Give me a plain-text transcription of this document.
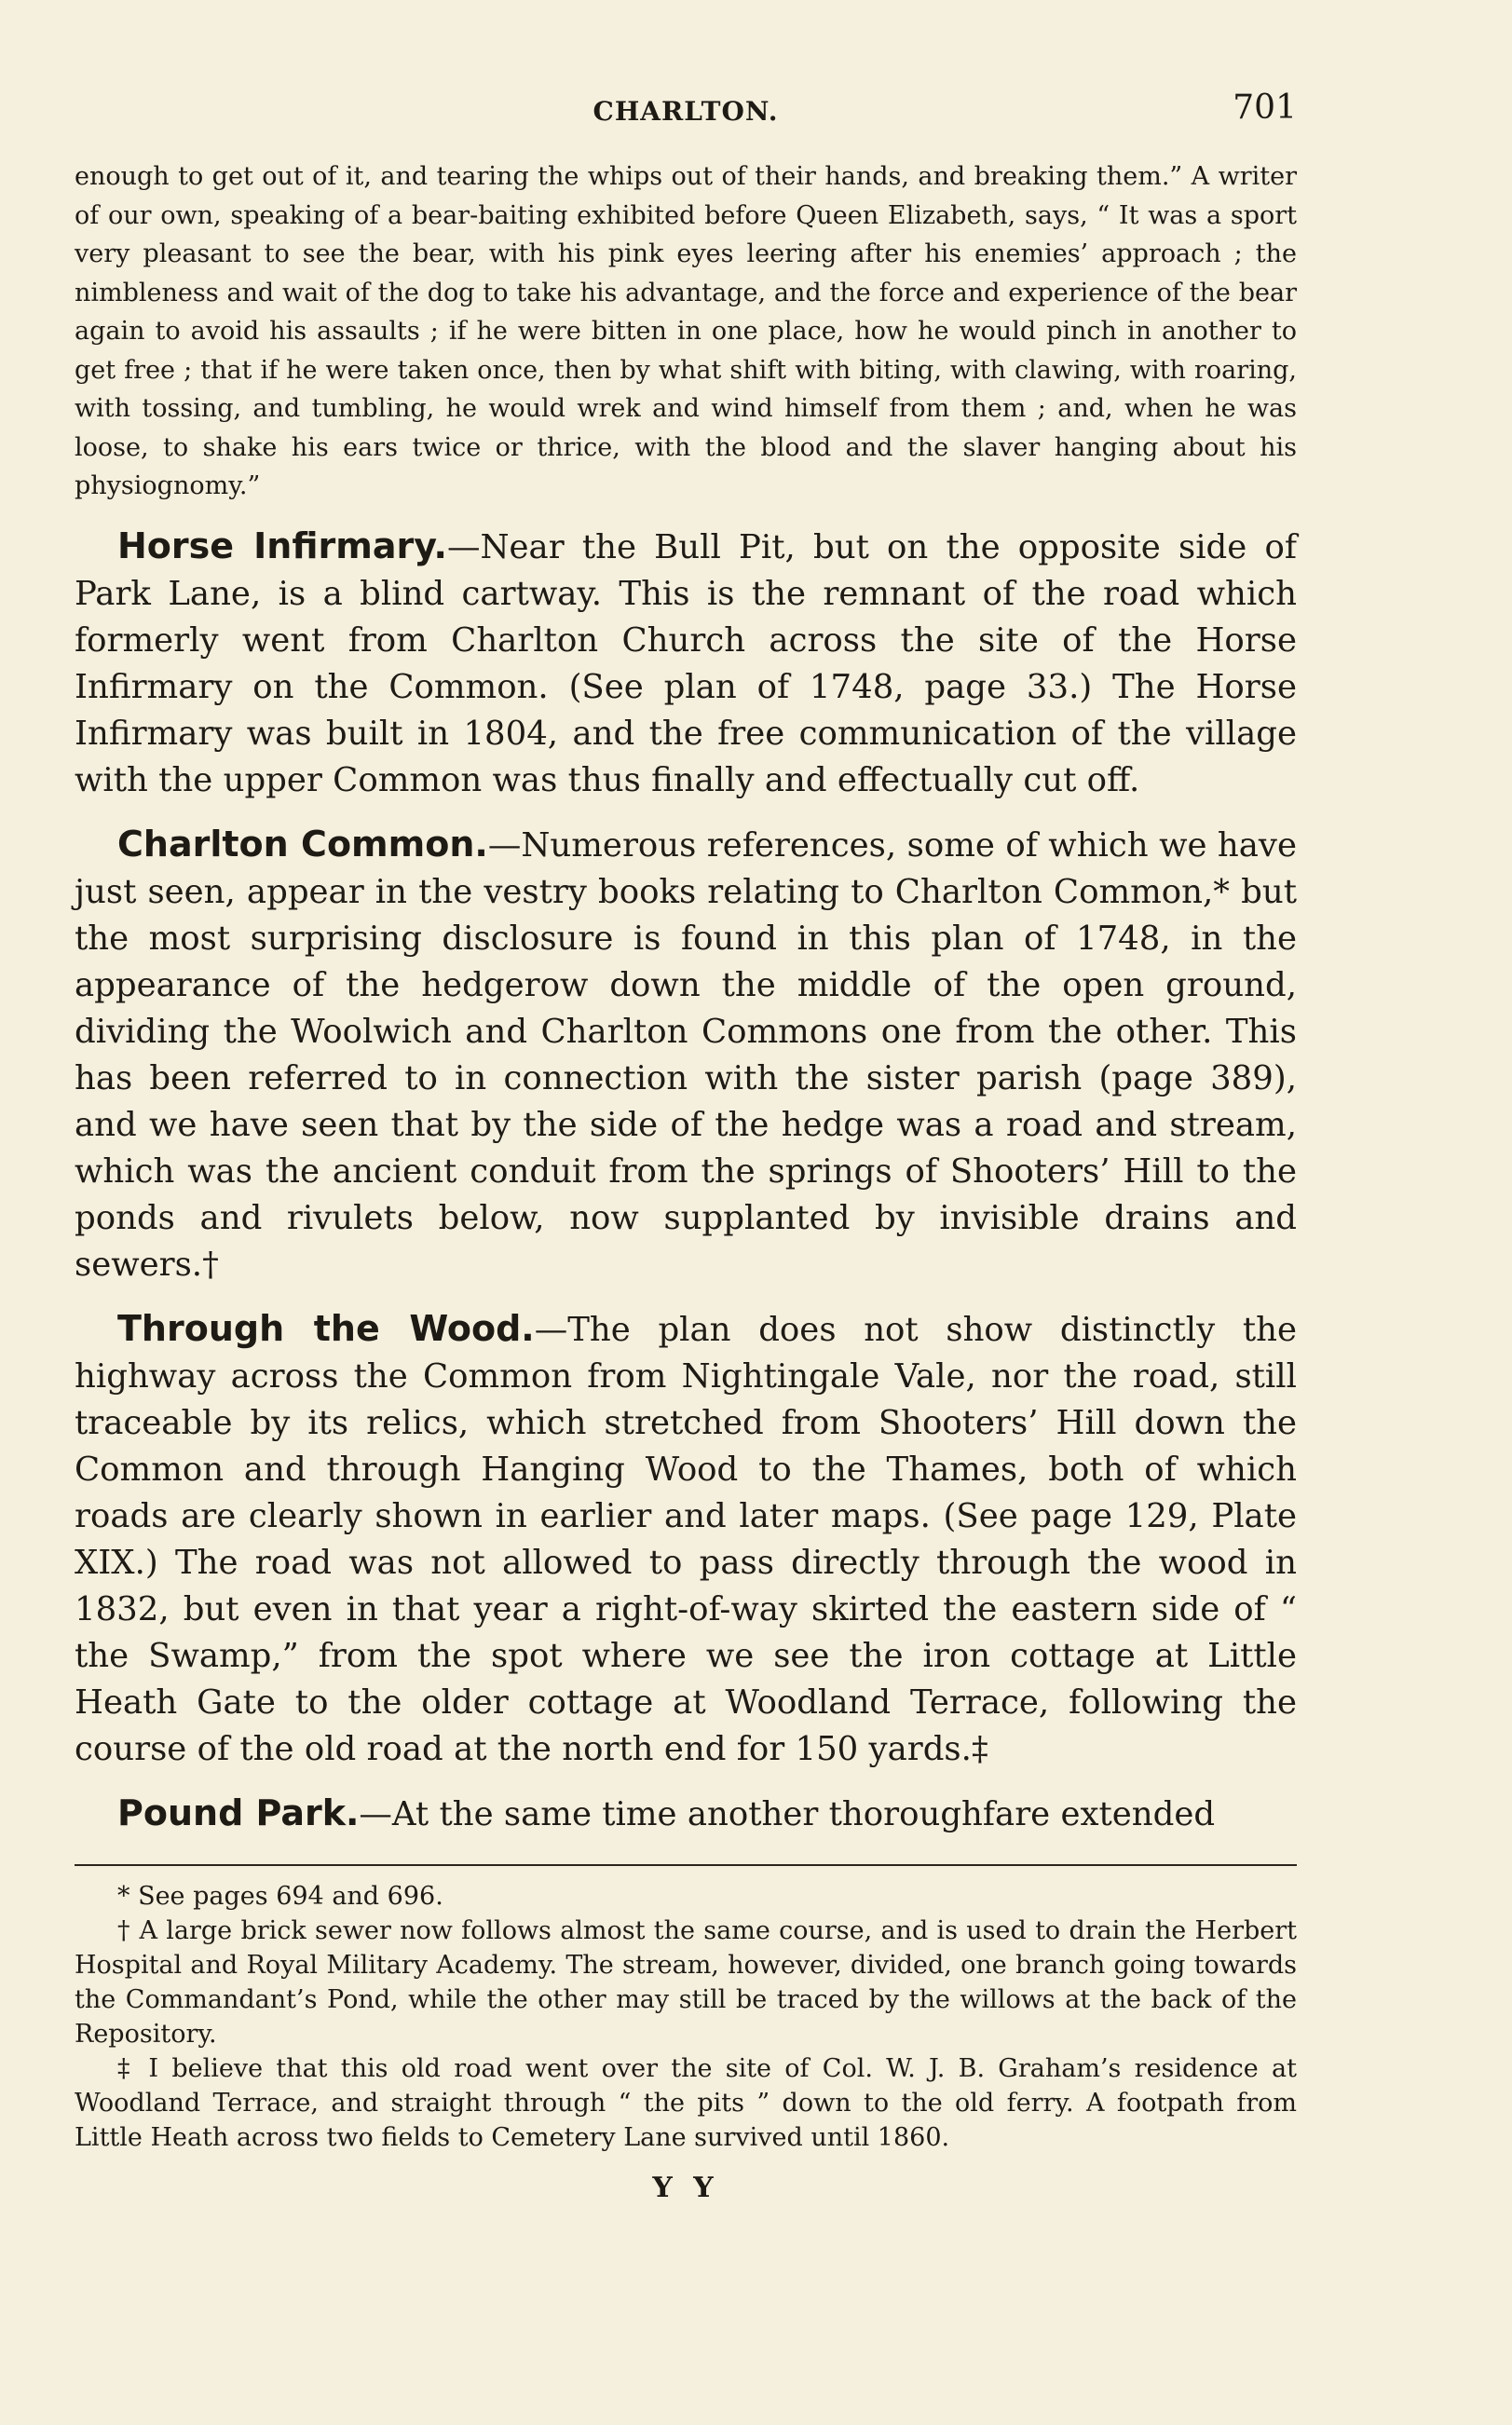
CHARLTON.	701

enough to get out of it, and tearing the whips out of their hands, and breaking them.” A writer of our own, speaking of a bear-baiting exhibited before Queen Elizabeth, says, “ It was a sport very pleasant to see the bear, with his pink eyes leering after his enemies’ approach ; the nimbleness and wait of the dog to take his advantage, and the force and experience of the bear again to avoid his assaults ; if he were bitten in one place, how he would pinch in another to get free ; that if he were taken once, then by what shift with biting, with clawing, with roaring, with tossing, and tumbling, he would wrek and wind himself from them ; and, when he was loose, to shake his ears twice or thrice, with the blood and the slaver hanging about his physiognomy.”

Horse Infirmary.—Near the Bull Pit, but on the opposite side of Park Lane, is a blind cartway. This is the remnant of the road which formerly went from Charlton Church across the site of the Horse Infirmary on the Common. (See plan of 1748, page 33.) The Horse Infirmary was built in 1804, and the free communication of the village with the upper Common was thus finally and effectually cut off.

Charlton Common.—Numerous references, some of which we have just seen, appear in the vestry books relating to Charlton Common,* but the most surprising disclosure is found in this plan of 1748, in the appearance of the hedgerow down the middle of the open ground, dividing the Woolwich and Charlton Commons one from the other. This has been referred to in connection with the sister parish (page 389), and we have seen that by the side of the hedge was a road and stream, which was the ancient conduit from the springs of Shooters’ Hill to the ponds and rivulets below, now supplanted by invisible drains and sewers.†

Through the Wood.—The plan does not show distinctly the highway across the Common from Nightingale Vale, nor the road, still traceable by its relics, which stretched from Shooters’ Hill down the Common and through Hanging Wood to the Thames, both of which roads are clearly shown in earlier and later maps. (See page 129, Plate XIX.) The road was not allowed to pass directly through the wood in 1832, but even in that year a right-of-way skirted the eastern side of “ the Swamp,” from the spot where we see the iron cottage at Little Heath Gate to the older cottage at Woodland Terrace, following the course of the old road at the north end for 150 yards.‡

Pound Park.—At the same time another thoroughfare extended

* See pages 694 and 696.

† A large brick sewer now follows almost the same course, and is used to drain the Herbert Hospital and Royal Military Academy. The stream, however, divided, one branch going towards the Commandant’s Pond, while the other may still be traced by the willows at the back of the Repository.

‡ I believe that this old road went over the site of Col. W. J. B. Graham’s residence at Woodland Terrace, and straight through “ the pits ” down to the old ferry. A footpath from Little Heath across two fields to Cemetery Lane survived until 1860.

Y Y
